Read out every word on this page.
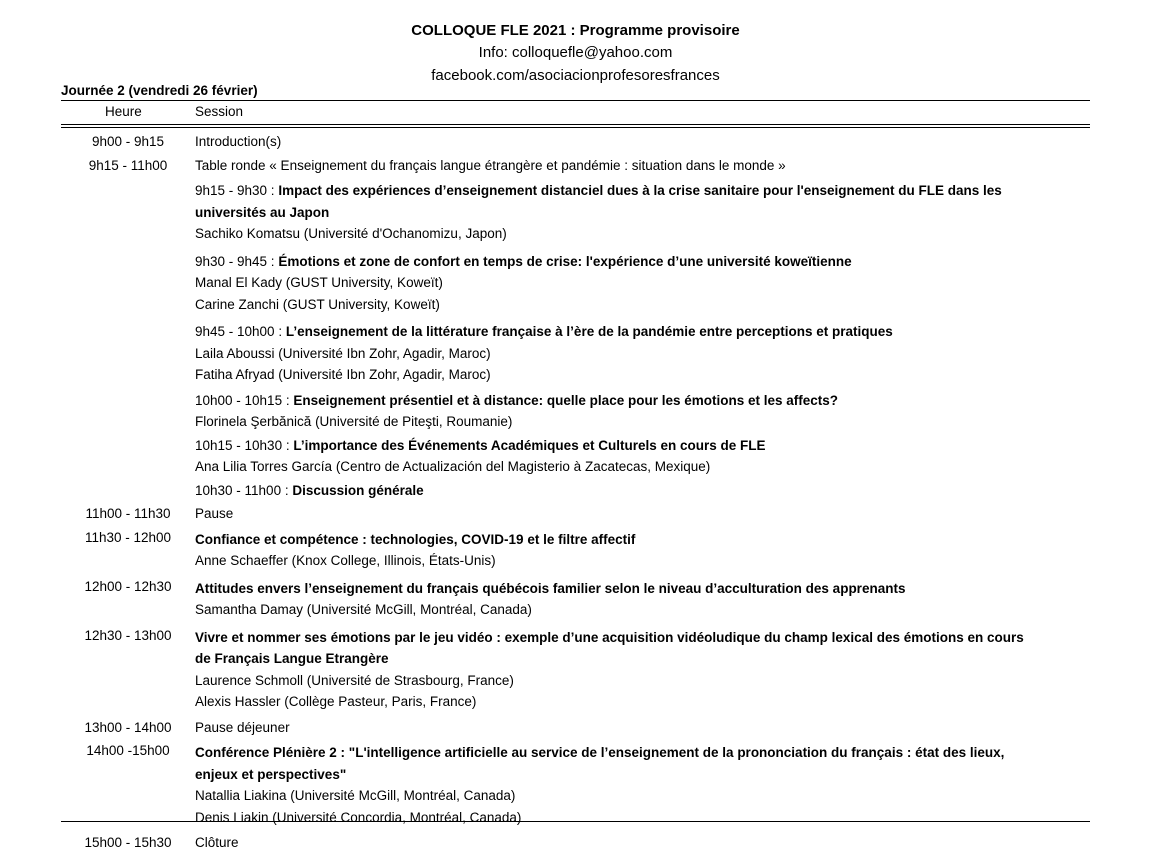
COLLOQUE FLE 2021 : Programme provisoire
Info: colloquefle@yahoo.com
facebook.com/asociacionprofesoresfrances
Journée 2 (vendredi 26 février)
Heure	Session
9h00 - 9h15	Introduction(s)

9h15 - 11h00	Table ronde « Enseignement du français langue étrangère et pandémie : situation dans le monde »

9h15 - 9h30 : Impact des expériences d’enseignement distanciel dues à la crise sanitaire pour l'enseignement du FLE dans les

universités au Japon

Sachiko Komatsu (Université d'Ochanomizu, Japon)

9h30 - 9h45 : Émotions et zone de confort en temps de crise: l'expérience d’une université koweïtienne

Manal El Kady (GUST University, Koweït)

Carine Zanchi (GUST University, Koweït)

9h45 - 10h00 : L’enseignement de la littérature française à l’ère de la pandémie entre perceptions et pratiques

Laila Aboussi (Université Ibn Zohr, Agadir, Maroc)

Fatiha Afryad (Université Ibn Zohr, Agadir, Maroc)

10h00 - 10h15 : Enseignement présentiel et à distance: quelle place pour les émotions et les affects?

Florinela Şerbănică (Université de Piteşti, Roumanie)

10h15 - 10h30 : L’importance des Événements Académiques et Culturels en cours de FLE

Ana Lilia Torres García (Centro de Actualización del Magisterio à Zacatecas, Mexique)

10h30 - 11h00 : Discussion générale

11h00 - 11h30	Pause

11h30 - 12h00	Confiance et compétence : technologies, COVID-19 et le filtre affectif

Anne Schaeffer (Knox College, Illinois, États-Unis)

12h00 - 12h30	Attitudes envers l’enseignement du français québécois familier selon le niveau d’acculturation des apprenants

Samantha Damay (Université McGill, Montréal, Canada)

12h30 - 13h00	Vivre et nommer ses émotions par le jeu vidéo : exemple d’une acquisition vidéoludique du champ lexical des émotions en cours

de Français Langue Etrangère

Laurence Schmoll (Université de Strasbourg, France)

Alexis Hassler (Collège Pasteur, Paris, France)

13h00 - 14h00	Pause déjeuner

14h00 -15h00	Conférence Plénière 2 : "L'intelligence artificielle au service de l’enseignement de la prononciation du français : état des lieux,

enjeux et perspectives"

Natallia Liakina (Université McGill, Montréal, Canada)

Denis Liakin (Université Concordia, Montréal, Canada)

15h00 - 15h30	Clôture
